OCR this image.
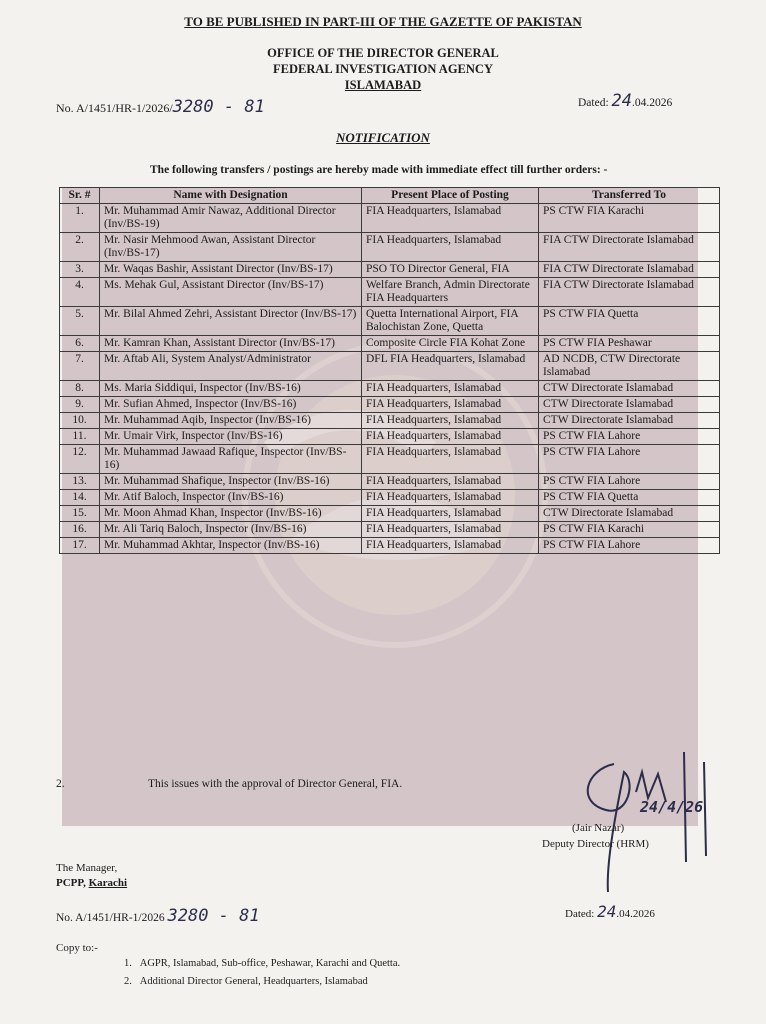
TO BE PUBLISHED IN PART-III OF THE GAZETTE OF PAKISTAN
OFFICE OF THE DIRECTOR GENERAL
FEDERAL INVESTIGATION AGENCY
ISLAMABAD
No. A/1451/HR-1/2026/3280 - 81	Dated: 24.04.2026
NOTIFICATION
The following transfers / postings are hereby made with immediate effect till further orders: -
Sr. #	Name with Designation	Present Place of Posting	Transferred To
1.	Mr. Muhammad Amir Nawaz, Additional Director (Inv/BS-19)	FIA Headquarters, Islamabad	PS CTW FIA Karachi
2.	Mr. Nasir Mehmood Awan, Assistant Director (Inv/BS-17)	FIA Headquarters, Islamabad	FIA CTW Directorate Islamabad
3.	Mr. Waqas Bashir, Assistant Director (Inv/BS-17)	PSO TO Director General, FIA	FIA CTW Directorate Islamabad
4.	Ms. Mehak Gul, Assistant Director (Inv/BS-17)	Welfare Branch, Admin Directorate FIA Headquarters	FIA CTW Directorate Islamabad
5.	Mr. Bilal Ahmed Zehri, Assistant Director (Inv/BS-17)	Quetta International Airport, FIA Balochistan Zone, Quetta	PS CTW FIA Quetta
6.	Mr. Kamran Khan, Assistant Director (Inv/BS-17)	Composite Circle FIA Kohat Zone	PS CTW FIA Peshawar
7.	Mr. Aftab Ali, System Analyst/Administrator	DFL FIA Headquarters, Islamabad	AD NCDB, CTW Directorate Islamabad
8.	Ms. Maria Siddiqui, Inspector (Inv/BS-16)	FIA Headquarters, Islamabad	CTW Directorate Islamabad
9.	Mr. Sufian Ahmed, Inspector (Inv/BS-16)	FIA Headquarters, Islamabad	CTW Directorate Islamabad
10.	Mr. Muhammad Aqib, Inspector (Inv/BS-16)	FIA Headquarters, Islamabad	CTW Directorate Islamabad
11.	Mr. Umair Virk, Inspector (Inv/BS-16)	FIA Headquarters, Islamabad	PS CTW FIA Lahore
12.	Mr. Muhammad Jawaad Rafique, Inspector (Inv/BS-16)	FIA Headquarters, Islamabad	PS CTW FIA Lahore
13.	Mr. Muhammad Shafique, Inspector (Inv/BS-16)	FIA Headquarters, Islamabad	PS CTW FIA Lahore
14.	Mr. Atif Baloch, Inspector (Inv/BS-16)	FIA Headquarters, Islamabad	PS CTW FIA Quetta
15.	Mr. Moon Ahmad Khan, Inspector (Inv/BS-16)	FIA Headquarters, Islamabad	CTW Directorate Islamabad
16.	Mr. Ali Tariq Baloch, Inspector (Inv/BS-16)	FIA Headquarters, Islamabad	PS CTW FIA Karachi
17.	Mr. Muhammad Akhtar, Inspector (Inv/BS-16)	FIA Headquarters, Islamabad	PS CTW FIA Lahore
2.	This issues with the approval of Director General, FIA.
24/4/26
(Jair Nazar)
Deputy Director (HRM)
The Manager,
PCPP, Karachi
No. A/1451/HR-1/2026 3280 - 81	Dated: 24.04.2026
Copy to:-
1. AGPR, Islamabad, Sub-office, Peshawar, Karachi and Quetta.
2. Additional Director General, Headquarters, Islamabad
